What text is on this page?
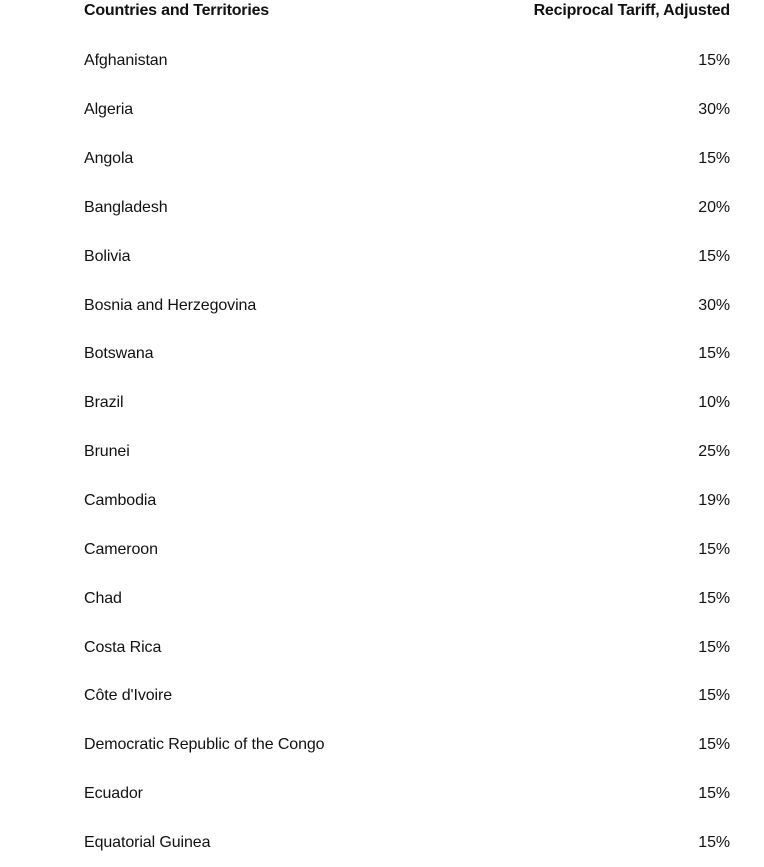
Countries and Territories	Reciprocal Tariff, Adjusted
Afghanistan	15%
Algeria	30%
Angola	15%
Bangladesh	20%
Bolivia	15%
Bosnia and Herzegovina	30%
Botswana	15%
Brazil	10%
Brunei	25%
Cambodia	19%
Cameroon	15%
Chad	15%
Costa Rica	15%
Côte d'Ivoire	15%
Democratic Republic of the Congo	15%
Ecuador	15%
Equatorial Guinea	15%
